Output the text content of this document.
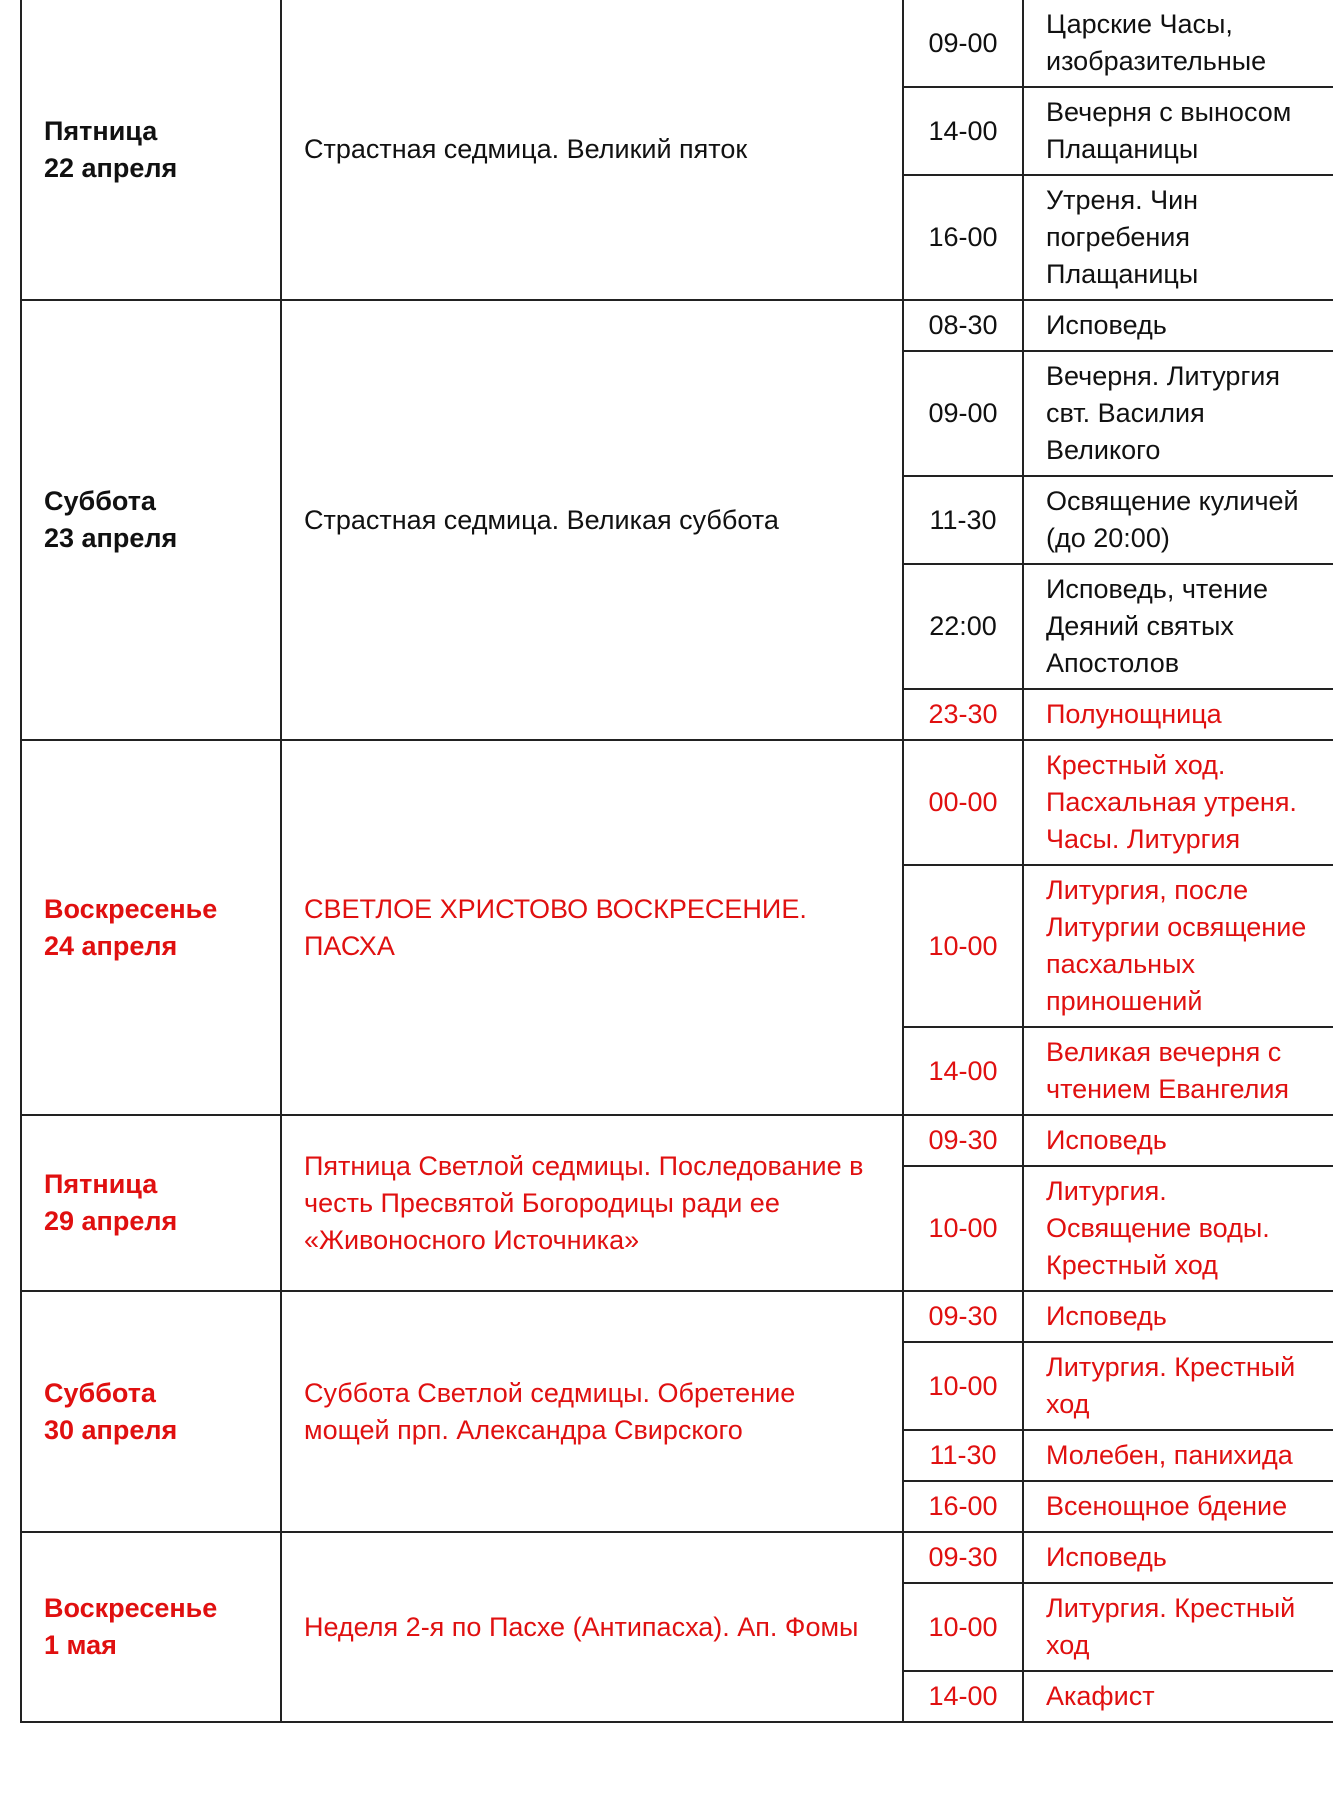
Пятница
22 апреля	Страстная седмица. Великий пяток	09-00	Царские Часы, изобразительные
		14-00	Вечерня с выносом Плащаницы
		16-00	Утреня. Чин погребения Плащаницы

Суббота
23 апреля	Страстная седмица. Великая суббота	08-30	Исповедь
		09-00	Вечерня. Литургия свт. Василия Великого
		11-30	Освящение куличей (до 20:00)
		22:00	Исповедь, чтение Деяний святых Апостолов
		23-30	Полунощница

Воскресенье
24 апреля	СВЕТЛОЕ ХРИСТОВО ВОСКРЕСЕНИЕ. ПАСХА	00-00	Крестный ход. Пасхальная утреня. Часы. Литургия
		10-00	Литургия, после Литургии освящение пасхальных приношений
		14-00	Великая вечерня с чтением Евангелия

Пятница
29 апреля	Пятница Светлой седмицы. Последование в честь Пресвятой Богородицы ради ее «Живоносного Источника»	09-30	Исповедь
		10-00	Литургия. Освящение воды. Крестный ход

Суббота
30 апреля	Суббота Светлой седмицы. Обретение мощей прп. Александра Свирского	09-30	Исповедь
		10-00	Литургия. Крестный ход
		11-30	Молебен, панихида
		16-00	Всенощное бдение

Воскресенье
1 мая	Неделя 2-я по Пасхе (Антипасха). Ап. Фомы	09-30	Исповедь
		10-00	Литургия. Крестный ход
		14-00	Акафист
